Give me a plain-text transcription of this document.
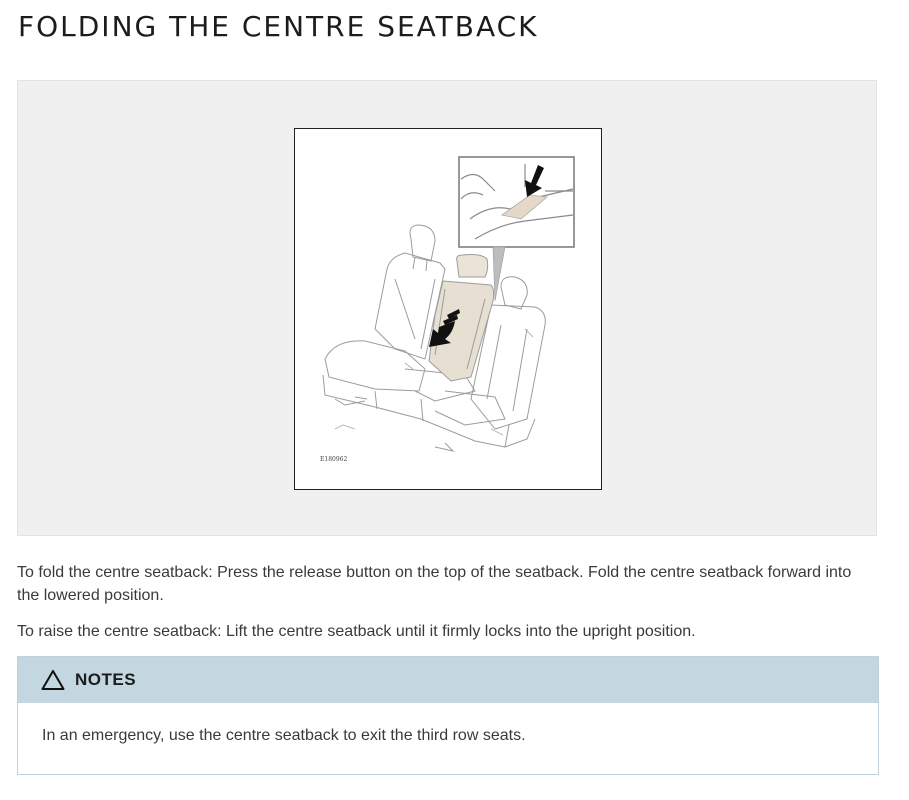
FOLDING THE CENTRE SEATBACK
E180962

To fold the centre seatback: Press the release button on the top of the seatback. Fold the centre seatback forward into the lowered position.

To raise the centre seatback: Lift the centre seatback until it firmly locks into the upright position.

NOTES
In an emergency, use the centre seatback to exit the third row seats.
